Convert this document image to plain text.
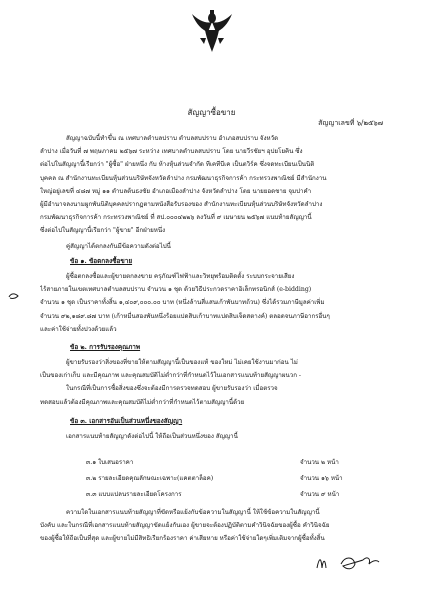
สัญญาซื้อขาย
สัญญาเลขที่ ๖/๒๕๖๗
สัญญาฉบับนี้ทำขึ้น ณ เทศบาลตำบลปราบ ตำบลสบปราบ อำเภอสบปราบ จังหวัด
ลำปาง เมื่อวันที่ ๗ พฤษภาคม ๒๕๖๗ ระหว่าง เทศบาลตำบลสบปราบ โดย นายวีรชัยฯ อุปยโยคิน ซึ่ง
ต่อไปในสัญญานี้เรียกว่า "ผู้ซื้อ" ฝ่ายหนึ่ง กับ ห้างหุ้นส่วนจำกัด ทีเคทีบีเค เป็นตวิร์ค ซึ่งจดทะเบียนเป็นนิติ
บุคคล ณ สำนักงานทะเบียนหุ้นส่วนบริษัทจังหวัดลำปาง กรมพัฒนาธุรกิจการค้า กระทรวงพาณิชย์ มีสำนักงาน
ใหญ่อยู่เลขที่ ๔๘๗ หมู่ ๑๑ ตำบลต้นธงชัย อำเภอเมืองลำปาง จังหวัดลำปาง โดย นายยอดชาย จุมปาคำ
ผู้มีอำนาจลงนามผูกพันนิติบุคคลปรากฏตามหนังสือรับรองของ สำนักงานทะเบียนหุ้นส่วนบริษัทจังหวัดลำปาง
กรมพัฒนาธุรกิจการค้า กระทรวงพาณิชย์ ที่ สป.๐๐๐๔๒๒๖ ลงวันที่ ๙ เมษายน ๒๕๖๗ แนบท้ายสัญญานี้
ซึ่งต่อไปในสัญญานี้เรียกว่า "ผู้ขาย" อีกฝ่ายหนึ่ง
คู่สัญญาได้ตกลงกันมีข้อความดังต่อไปนี้
ข้อ ๑. ข้อตกลงซื้อขาย
ผู้ซื้อตกลงซื้อและผู้ขายตกลงขาย ครุภัณฑ์ไฟฟ้าและวิทยุพร้อมติดตั้ง ระบบกระจายเสียง
ไร้สายภายในเขตเทศบาลตำบลสบปราบ จำนวน ๑ ชุด ด้วยวิธีประกวดราคาอิเล็กทรอนิกส์ (e-bidding)
จำนวน ๑ ชุด เป็นราคาทั้งสิ้น ๑,๔๐๙,๐๐๐.๐๐ บาท (หนึ่งล้านสี่แสนเก้าพันบาทถ้วน) ซึ่งได้รวมภาษีมูลค่าเพิ่ม
จำนวน ๙๒,๑๘๙.๘๗ บาท (เก้าหมื่นสองพันหนึ่งร้อยแปดสิบเก้าบาทแปดสิบเจ็ดสตางค์) ตลอดจนภาษีอากรอื่นๆ
และค่าใช้จ่ายทั้งปวงด้วยแล้ว
ข้อ ๒. การรับรองคุณภาพ
ผู้ขายรับรองว่าสิ่งของที่ขายให้ตามสัญญานี้เป็นของแท้ ของใหม่ ไม่เคยใช้งานมาก่อน ไม่
เป็นของเก่าเก็บ และมีคุณภาพ และคุณสมบัติไม่ต่ำกว่าที่กำหนดไว้ในเอกสารแนบท้ายสัญญาผนวก -
ในกรณีที่เป็นการซื้อสิ่งของซึ่งจะต้องมีการตรวจทดสอบ ผู้ขายรับรองว่า เมื่อตรวจ
ทดสอบแล้วต้องมีคุณภาพและคุณสมบัติไม่ต่ำกว่าที่กำหนดไว้ตามสัญญานี้ด้วย
ข้อ ๓. เอกสารอันเป็นส่วนหนึ่งของสัญญา
เอกสารแนบท้ายสัญญาดังต่อไปนี้ ให้ถือเป็นส่วนหนึ่งของ สัญญานี้
๓.๑ ใบเสนอราคา	จำนวน ๒ หน้า
๓.๒ รายละเอียดคุณลักษณะเฉพาะ(แคตตาล็อค)	จำนวน ๑๖ หน้า
๓.๓ แบบแปลนรายละเอียดโครงการ	จำนวน ๙ หน้า
ความใดในเอกสารแนบท้ายสัญญาที่ขัดหรือแย้งกับข้อความในสัญญานี้ ให้ใช้ข้อความในสัญญานี้
บังคับ และในกรณีที่เอกสารแนบท้ายสัญญาขัดแย้งกันเอง ผู้ขายจะต้องปฏิบัติตามคำวินิจฉัยของผู้ซื้อ คำวินิจฉัย
ของผู้ซื้อให้ถือเป็นที่สุด และผู้ขายไม่มีสิทธิเรียกร้องราคา ค่าเสียหาย หรือค่าใช้จ่ายใดๆเพิ่มเติมจากผู้ซื้อทั้งสิ้น
